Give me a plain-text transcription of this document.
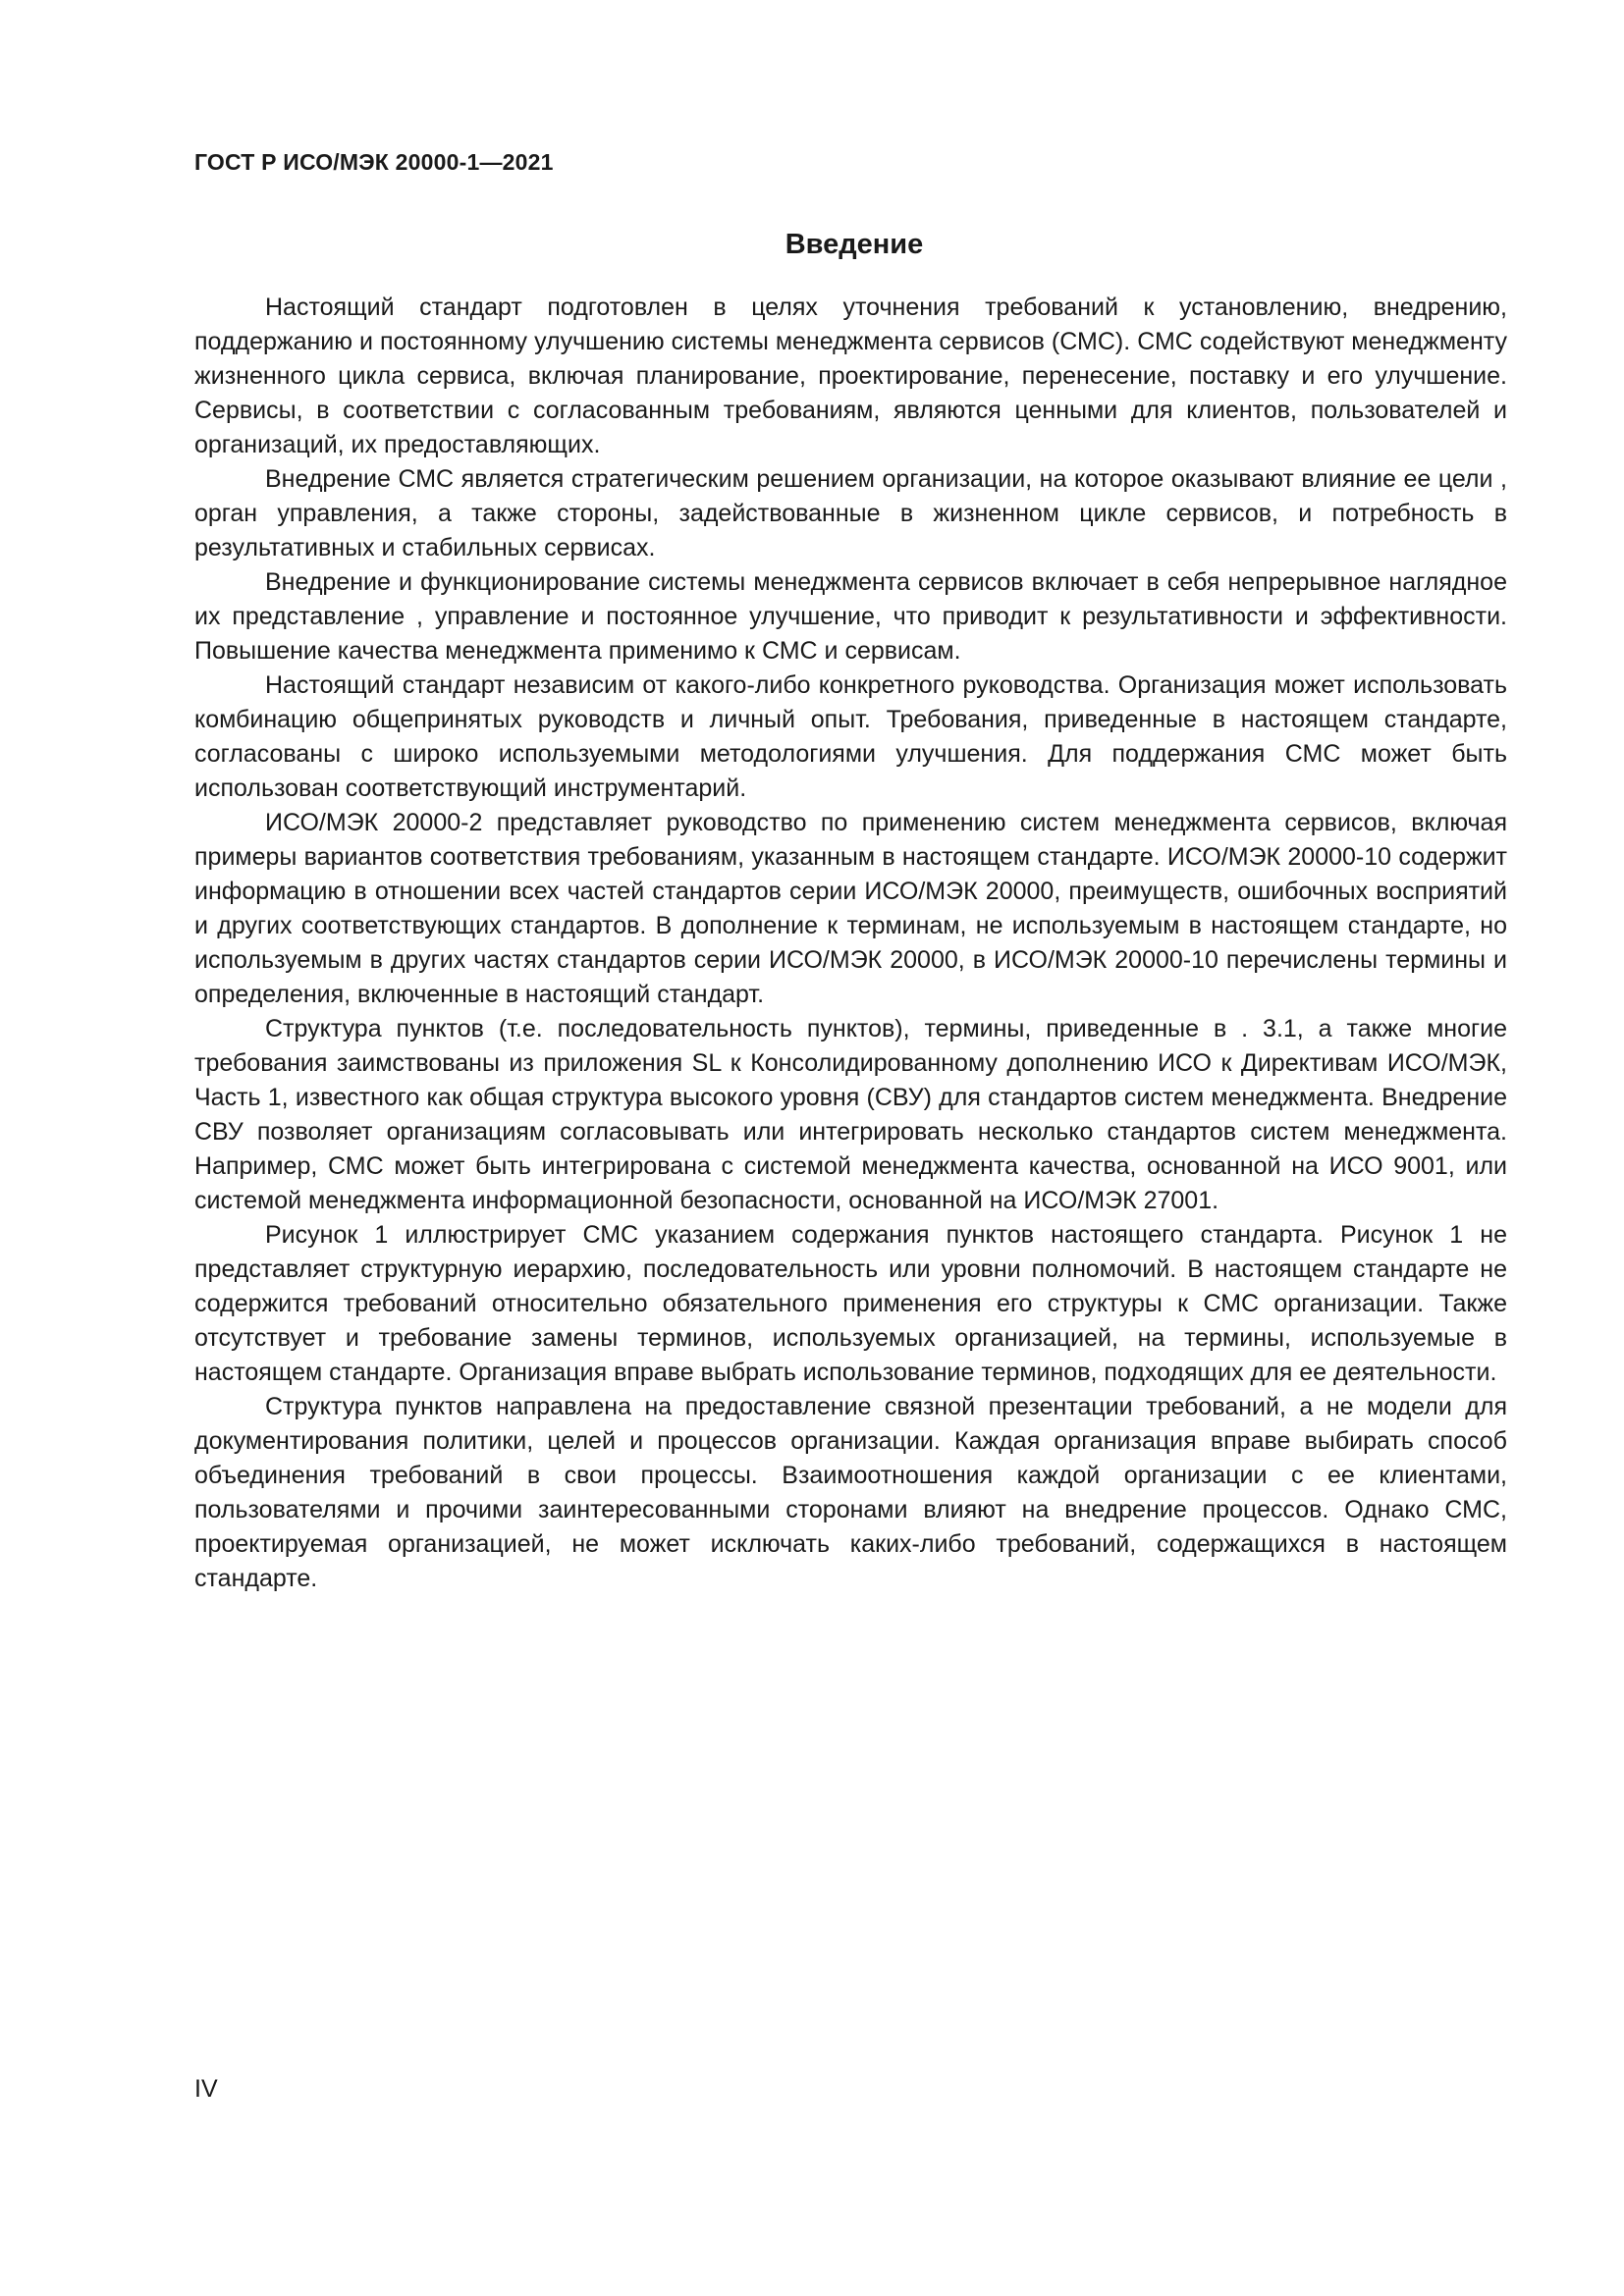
ГОСТ Р ИСО/МЭК 20000-1—2021
Введение

Настоящий стандарт подготовлен в целях уточнения требований к установлению, внедрению, поддержанию и постоянному улучшению системы менеджмента сервисов (СМС). СМС содействуют менеджменту жизненного цикла сервиса, включая планирование, проектирование, перенесение, поставку и его улучшение. Сервисы, в соответствии с согласованным требованиям, являются ценными для клиентов, пользователей и организаций, их предоставляющих.

Внедрение СМС является стратегическим решением организации, на которое оказывают влияние ее цели , орган управления, а также стороны, задействованные в жизненном цикле сервисов, и потребность в результативных и стабильных сервисах.

Внедрение и функционирование системы менеджмента сервисов включает в себя непрерывное наглядное их представление , управление и постоянное улучшение, что приводит к результативности и эффективности. Повышение качества менеджмента применимо к СМС и сервисам.

Настоящий стандарт независим от какого-либо конкретного руководства. Организация может использовать комбинацию общепринятых руководств и личный опыт. Требования, приведенные в настоящем стандарте, согласованы с широко используемыми методологиями улучшения. Для поддержания СМС может быть использован соответствующий инструментарий.

ИСО/МЭК 20000-2 представляет руководство по применению систем менеджмента сервисов, включая примеры вариантов соответствия требованиям, указанным в настоящем стандарте. ИСО/МЭК 20000-10 содержит информацию в отношении всех частей стандартов серии ИСО/МЭК 20000, преимуществ, ошибочных восприятий и других соответствующих стандартов. В дополнение к терминам, не используемым в настоящем стандарте, но используемым в других частях стандартов серии ИСО/МЭК 20000, в ИСО/МЭК 20000-10 перечислены термины и определения, включенные в настоящий стандарт.

Структура пунктов (т.е. последовательность пунктов), термины, приведенные в . 3.1, а также многие требования заимствованы из приложения SL к Консолидированному дополнению ИСО к Директивам ИСО/МЭК, Часть 1, известного как общая структура высокого уровня (СВУ) для стандартов систем менеджмента. Внедрение СВУ позволяет организациям согласовывать или интегрировать несколько стандартов систем менеджмента. Например, СМС может быть интегрирована с системой менеджмента качества, основанной на ИСО 9001, или системой менеджмента информационной безопасности, основанной на ИСО/МЭК 27001.

Рисунок 1 иллюстрирует СМС указанием содержания пунктов настоящего стандарта. Рисунок 1 не представляет структурную иерархию, последовательность или уровни полномочий. В настоящем стандарте не содержится требований относительно обязательного применения его структуры к СМС организации. Также отсутствует и требование замены терминов, используемых организацией, на термины, используемые в настоящем стандарте. Организация вправе выбрать использование терминов, подходящих для ее деятельности.

Структура пунктов направлена на предоставление связной презентации требований, а не модели для документирования политики, целей и процессов организации. Каждая организация вправе выбирать способ объединения требований в свои процессы. Взаимоотношения каждой организации с ее клиентами, пользователями и прочими заинтересованными сторонами влияют на внедрение процессов. Однако СМС, проектируемая организацией, не может исключать каких-либо требований, содержащихся в настоящем стандарте.

IV
